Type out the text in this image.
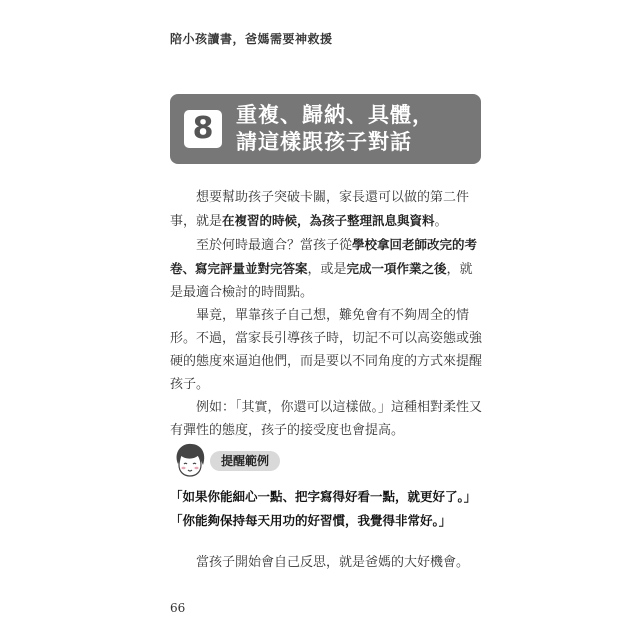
陪小孩讀書，爸媽需要神救援
8	重複、歸納、具體，
請這樣跟孩子對話

想要幫助孩子突破卡關，家長還可以做的第二件事，就是在複習的時候，為孩子整理訊息與資料。

至於何時最適合？當孩子從學校拿回老師改完的考卷、寫完評量並對完答案，或是完成一項作業之後，就是最適合檢討的時間點。

畢竟，單靠孩子自己想，難免會有不夠周全的情形。不過，當家長引導孩子時，切記不可以高姿態或強硬的態度來逼迫他們，而是要以不同角度的方式來提醒孩子。

例如：「其實，你還可以這樣做。」這種相對柔性又有彈性的態度，孩子的接受度也會提高。

提醒範例
「如果你能細心一點、把字寫得好看一點，就更好了。」
「你能夠保持每天用功的好習慣，我覺得非常好。」
當孩子開始會自己反思，就是爸媽的大好機會。
66
